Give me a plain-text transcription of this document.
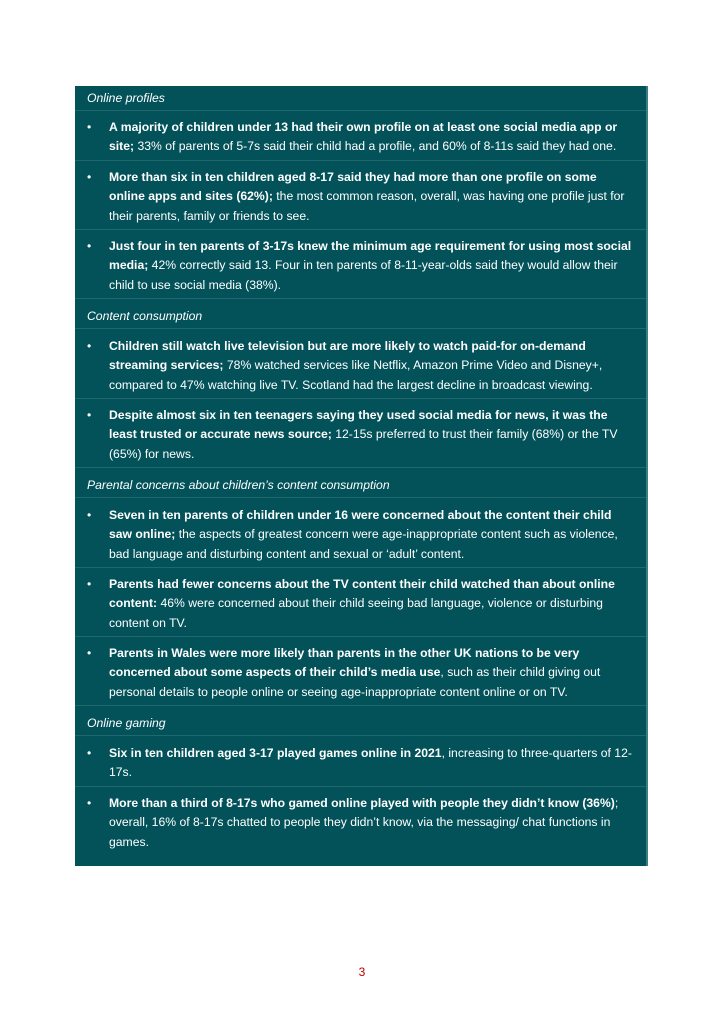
Online profiles
• A majority of children under 13 had their own profile on at least one social media app or site; 33% of parents of 5-7s said their child had a profile, and 60% of 8-11s said they had one.
• More than six in ten children aged 8-17 said they had more than one profile on some online apps and sites (62%); the most common reason, overall, was having one profile just for their parents, family or friends to see.
• Just four in ten parents of 3-17s knew the minimum age requirement for using most social media; 42% correctly said 13. Four in ten parents of 8-11-year-olds said they would allow their child to use social media (38%).
Content consumption
• Children still watch live television but are more likely to watch paid-for on-demand streaming services; 78% watched services like Netflix, Amazon Prime Video and Disney+, compared to 47% watching live TV. Scotland had the largest decline in broadcast viewing.
• Despite almost six in ten teenagers saying they used social media for news, it was the least trusted or accurate news source; 12-15s preferred to trust their family (68%) or the TV (65%) for news.
Parental concerns about children’s content consumption
• Seven in ten parents of children under 16 were concerned about the content their child saw online; the aspects of greatest concern were age-inappropriate content such as violence, bad language and disturbing content and sexual or ‘adult’ content.
• Parents had fewer concerns about the TV content their child watched than about online content: 46% were concerned about their child seeing bad language, violence or disturbing content on TV.
• Parents in Wales were more likely than parents in the other UK nations to be very concerned about some aspects of their child’s media use, such as their child giving out personal details to people online or seeing age-inappropriate content online or on TV.
Online gaming
• Six in ten children aged 3-17 played games online in 2021, increasing to three-quarters of 12-17s.
• More than a third of 8-17s who gamed online played with people they didn’t know (36%); overall, 16% of 8-17s chatted to people they didn’t know, via the messaging/ chat functions in games.
3
